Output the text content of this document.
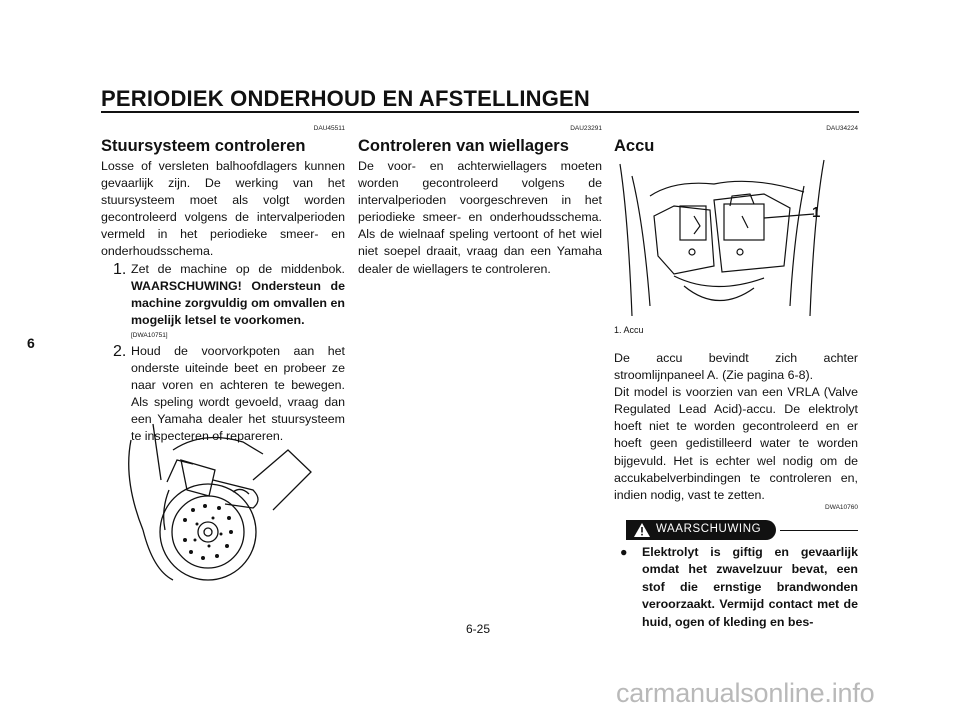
PERIODIEK ONDERHOUD EN AFSTELLINGEN
6
DAU45511
Stuursysteem controleren

Losse of versleten balhoofdlagers kunnen gevaarlijk zijn. De werking van het stuursysteem moet als volgt worden gecontroleerd volgens de intervalperioden vermeld in het periodieke smeer- en onderhoudsschema.

1. Zet de machine op de middenbok. WAARSCHUWING! Ondersteun de machine zorgvuldig om omvallen en mogelijk letsel te voorkomen.

[DWA10751]
2. Houd de voorvorkpoten aan het onderste uiteinde beet en probeer ze naar voren en achteren te bewegen. Als speling wordt gevoeld, vraag dan een Yamaha dealer het stuursysteem te inspecteren of repareren.

DAU23291
Controleren van wiellagers

De voor- en achterwiellagers moeten worden gecontroleerd volgens de intervalperioden voorgeschreven in het periodieke smeer- en onderhoudsschema. Als de wielnaaf speling vertoont of het wiel niet soepel draait, vraag dan een Yamaha dealer de wiellagers te controleren.

DAU34224
Accu
1
1. Accu

De accu bevindt zich achter stroomlijnpaneel A. (Zie pagina 6-8).

Dit model is voorzien van een VRLA (Valve Regulated Lead Acid)-accu. De elektrolyt hoeft niet te worden gecontroleerd en er hoeft geen gedistilleerd water te worden bijgevuld. Het is echter wel nodig om de accukabelverbindingen te controleren en, indien nodig, vast te zetten.

DWA10760
WAARSCHUWING
●	Elektrolyt is giftig en gevaarlijk omdat het zwavelzuur bevat, een stof die ernstige brandwonden veroorzaakt. Vermijd contact met de huid, ogen of kleding en bes-
6-25
carmanualsonline.info
